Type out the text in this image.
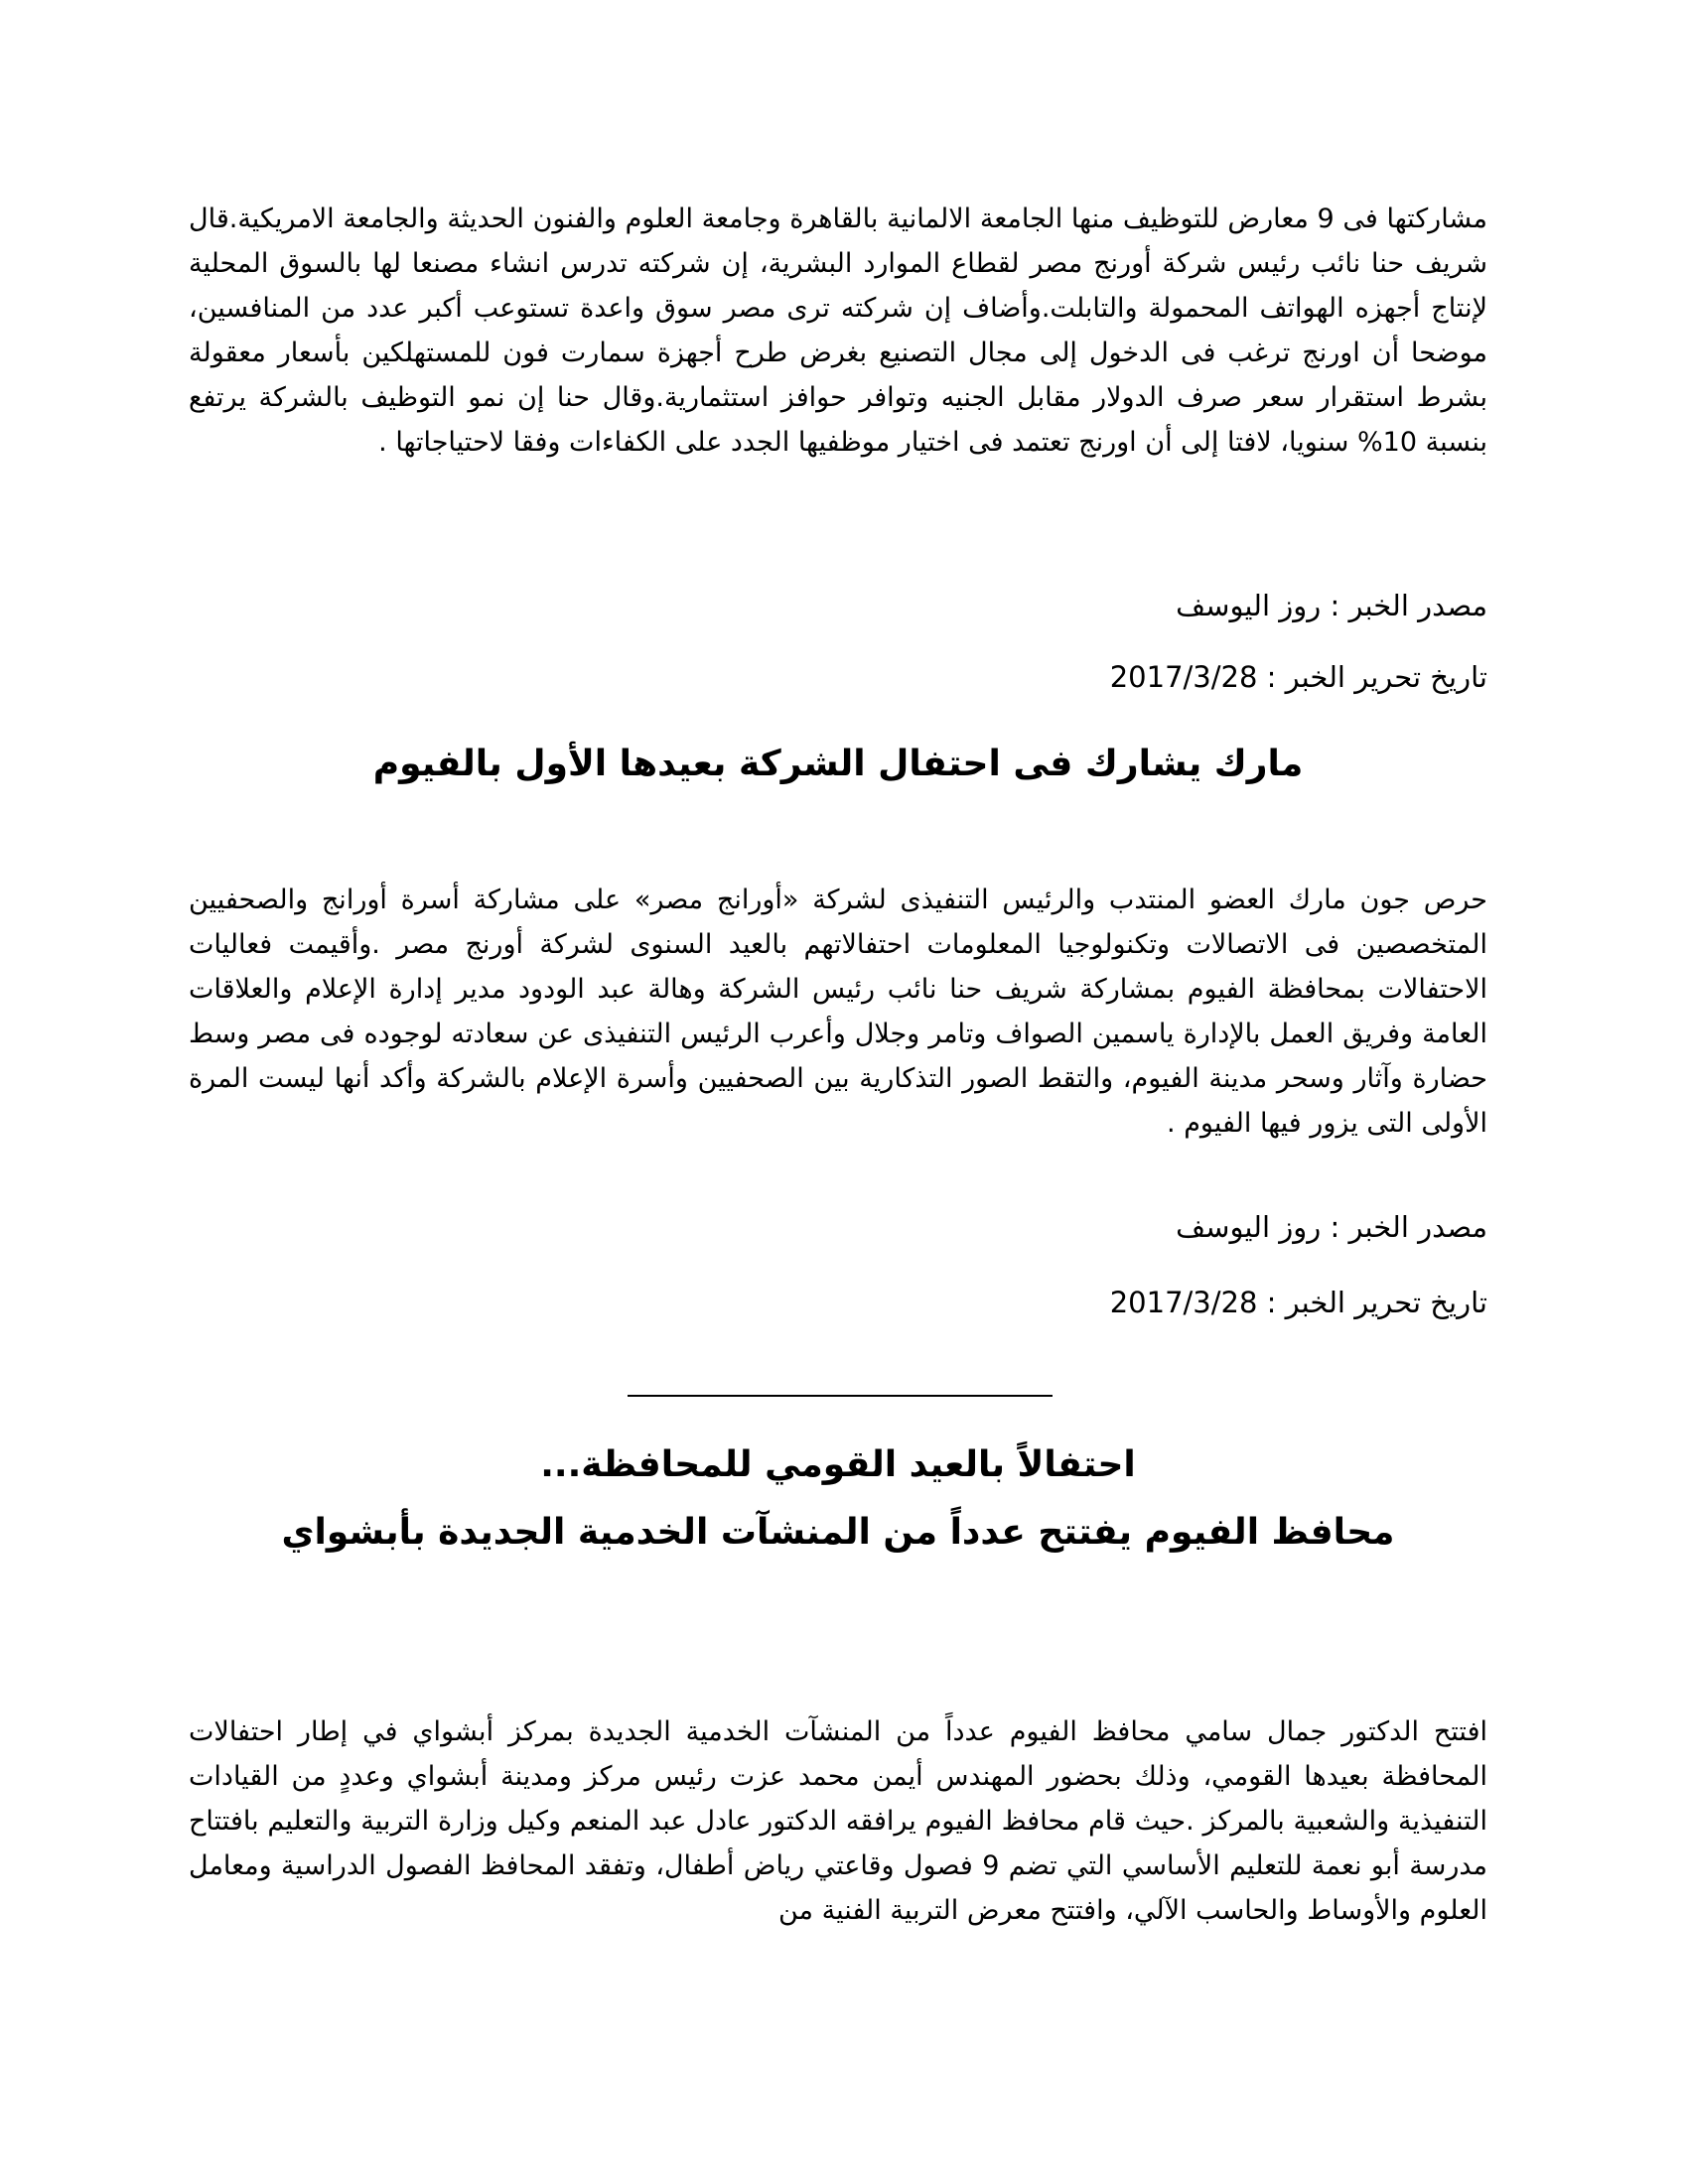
مشاركتها فى 9 معارض للتوظيف منها الجامعة الالمانية بالقاهرة وجامعة العلوم والفنون الحديثة والجامعة الامريكية.قال شريف حنا نائب رئيس شركة أورنج مصر لقطاع الموارد البشرية، إن شركته تدرس انشاء مصنعا لها بالسوق المحلية لإنتاج أجهزه الهواتف المحمولة والتابلت.وأضاف إن شركته ترى مصر سوق واعدة تستوعب أكبر عدد من المنافسين، موضحا أن اورنج ترغب فى الدخول إلى مجال التصنيع بغرض طرح أجهزة سمارت فون للمستهلكين بأسعار معقولة بشرط استقرار سعر صرف الدولار مقابل الجنيه وتوافر حوافز استثمارية.وقال حنا إن نمو التوظيف بالشركة يرتفع بنسبة 10% سنويا، لافتا إلى أن اورنج تعتمد فى اختيار موظفيها الجدد على الكفاءات وفقا لاحتياجاتها .

مصدر الخبر : روز اليوسف
تاريخ تحرير الخبر : 2017/3/28
مارك يشارك فى احتفال الشركة بعيدها الأول بالفيوم

حرص جون مارك العضو المنتدب والرئيس التنفيذى لشركة «أورانج مصر» على مشاركة أسرة أورانج والصحفيين المتخصصين فى الاتصالات وتكنولوجيا المعلومات احتفالاتهم بالعيد السنوى لشركة أورنج مصر .وأقيمت فعاليات الاحتفالات بمحافظة الفيوم بمشاركة شريف حنا نائب رئيس الشركة وهالة عبد الودود مدير إدارة الإعلام والعلاقات العامة وفريق العمل بالإدارة ياسمين الصواف وتامر وجلال وأعرب الرئيس التنفيذى عن سعادته لوجوده فى مصر وسط حضارة وآثار وسحر مدينة الفيوم، والتقط الصور التذكارية بين الصحفيين وأسرة الإعلام بالشركة وأكد أنها ليست المرة الأولى التى يزور فيها الفيوم .

مصدر الخبر : روز اليوسف
تاريخ تحرير الخبر : 2017/3/28
احتفالاً بالعيد القومي للمحافظة...
محافظ الفيوم يفتتح عدداً من المنشآت الخدمية الجديدة بأبشواي

افتتح الدكتور جمال سامي محافظ الفيوم عدداً من المنشآت الخدمية الجديدة بمركز أبشواي في إطار احتفالات المحافظة بعيدها القومي، وذلك بحضور المهندس أيمن محمد عزت رئيس مركز ومدينة أبشواي وعددٍ من القيادات التنفيذية والشعبية بالمركز .حيث قام محافظ الفيوم يرافقه الدكتور عادل عبد المنعم وكيل وزارة التربية والتعليم بافتتاح مدرسة أبو نعمة للتعليم الأساسي التي تضم 9 فصول وقاعتي رياض أطفال، وتفقد المحافظ الفصول الدراسية ومعامل العلوم والأوساط والحاسب الآلي، وافتتح معرض التربية الفنية من
